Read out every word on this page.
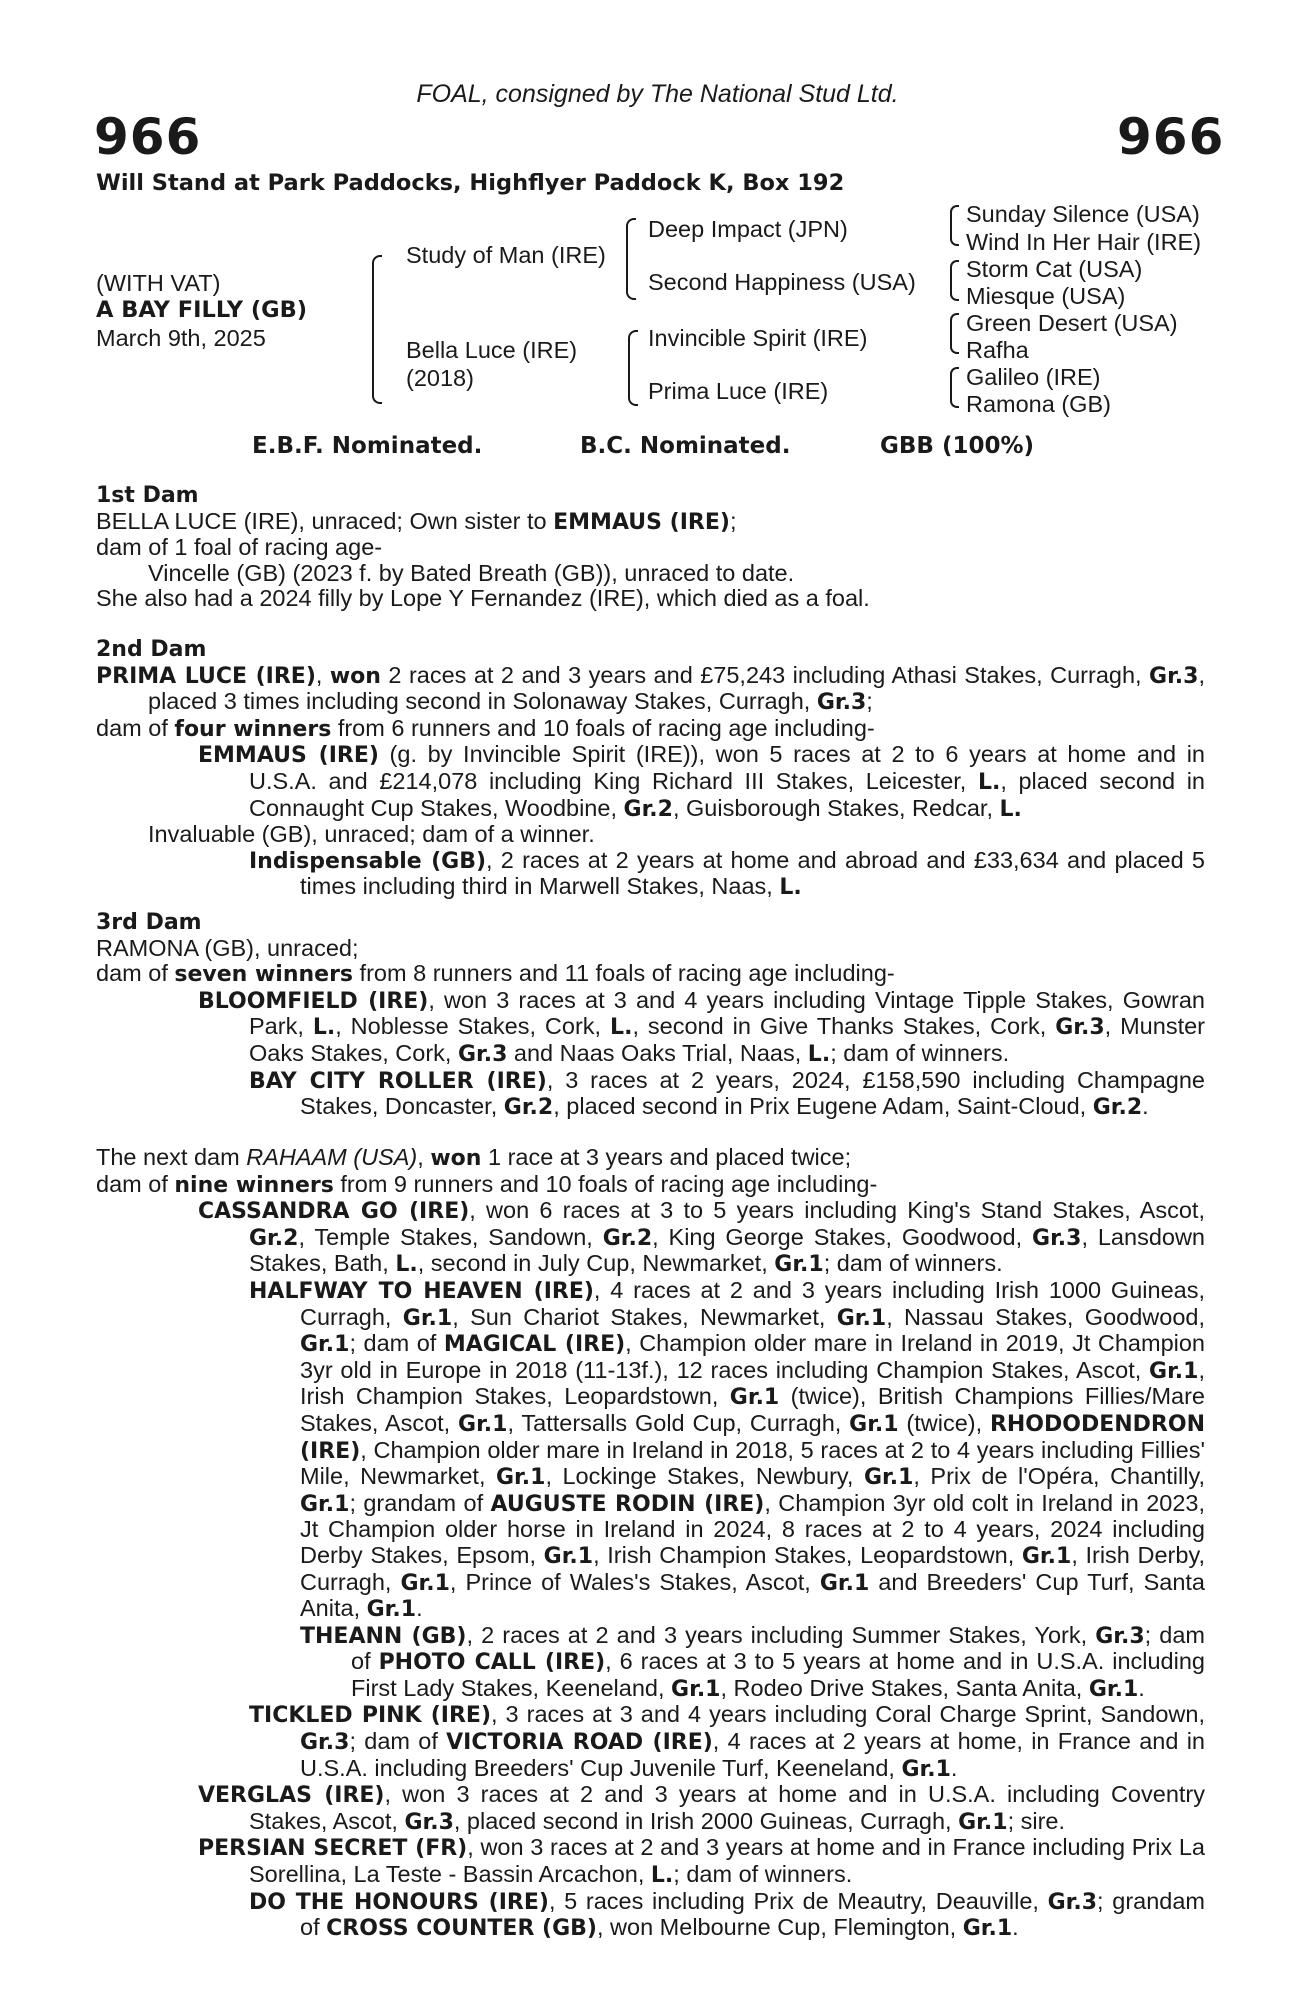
FOAL, consigned by The National Stud Ltd.
966	966
Will Stand at Park Paddocks, Highflyer Paddock K, Box 192
(WITH VAT)
A BAY FILLY (GB)
March 9th, 2025
Study of Man (IRE)
Bella Luce (IRE)
(2018)
Deep Impact (JPN)
Second Happiness (USA)
Invincible Spirit (IRE)
Prima Luce (IRE)
Sunday Silence (USA)
Wind In Her Hair (IRE)
Storm Cat (USA)
Miesque (USA)
Green Desert (USA)
Rafha
Galileo (IRE)
Ramona (GB)
E.B.F. Nominated.	B.C. Nominated.	GBB (100%)

1st Dam

BELLA LUCE (IRE), unraced; Own sister to EMMAUS (IRE);

dam of 1 foal of racing age-

Vincelle (GB) (2023 f. by Bated Breath (GB)), unraced to date.

She also had a 2024 filly by Lope Y Fernandez (IRE), which died as a foal.

2nd Dam

PRIMA LUCE (IRE), won 2 races at 2 and 3 years and £75,243 including Athasi Stakes, Curragh, Gr.3, placed 3 times including second in Solonaway Stakes, Curragh, Gr.3;

dam of four winners from 6 runners and 10 foals of racing age including-

EMMAUS (IRE) (g. by Invincible Spirit (IRE)), won 5 races at 2 to 6 years at home and in U.S.A. and £214,078 including King Richard III Stakes, Leicester, L., placed second in Connaught Cup Stakes, Woodbine, Gr.2, Guisborough Stakes, Redcar, L.

Invaluable (GB), unraced; dam of a winner.

Indispensable (GB), 2 races at 2 years at home and abroad and £33,634 and placed 5 times including third in Marwell Stakes, Naas, L.

3rd Dam

RAMONA (GB), unraced;

dam of seven winners from 8 runners and 11 foals of racing age including-

BLOOMFIELD (IRE), won 3 races at 3 and 4 years including Vintage Tipple Stakes, Gowran Park, L., Noblesse Stakes, Cork, L., second in Give Thanks Stakes, Cork, Gr.3, Munster Oaks Stakes, Cork, Gr.3 and Naas Oaks Trial, Naas, L.; dam of winners.

BAY CITY ROLLER (IRE), 3 races at 2 years, 2024, £158,590 including Champagne Stakes, Doncaster, Gr.2, placed second in Prix Eugene Adam, Saint-Cloud, Gr.2.

The next dam RAHAAM (USA), won 1 race at 3 years and placed twice;

dam of nine winners from 9 runners and 10 foals of racing age including-

CASSANDRA GO (IRE), won 6 races at 3 to 5 years including King's Stand Stakes, Ascot, Gr.2, Temple Stakes, Sandown, Gr.2, King George Stakes, Goodwood, Gr.3, Lansdown Stakes, Bath, L., second in July Cup, Newmarket, Gr.1; dam of winners.

HALFWAY TO HEAVEN (IRE), 4 races at 2 and 3 years including Irish 1000 Guineas, Curragh, Gr.1, Sun Chariot Stakes, Newmarket, Gr.1, Nassau Stakes, Goodwood, Gr.1; dam of MAGICAL (IRE), Champion older mare in Ireland in 2019, Jt Champion 3yr old in Europe in 2018 (11-13f.), 12 races including Champion Stakes, Ascot, Gr.1, Irish Champion Stakes, Leopardstown, Gr.1 (twice), British Champions Fillies/Mare Stakes, Ascot, Gr.1, Tattersalls Gold Cup, Curragh, Gr.1 (twice), RHODODENDRON (IRE), Champion older mare in Ireland in 2018, 5 races at 2 to 4 years including Fillies' Mile, Newmarket, Gr.1, Lockinge Stakes, Newbury, Gr.1, Prix de l'Opéra, Chantilly, Gr.1; grandam of AUGUSTE RODIN (IRE), Champion 3yr old colt in Ireland in 2023, Jt Champion older horse in Ireland in 2024, 8 races at 2 to 4 years, 2024 including Derby Stakes, Epsom, Gr.1, Irish Champion Stakes, Leopardstown, Gr.1, Irish Derby, Curragh, Gr.1, Prince of Wales's Stakes, Ascot, Gr.1 and Breeders' Cup Turf, Santa Anita, Gr.1.

THEANN (GB), 2 races at 2 and 3 years including Summer Stakes, York, Gr.3; dam of PHOTO CALL (IRE), 6 races at 3 to 5 years at home and in U.S.A. including First Lady Stakes, Keeneland, Gr.1, Rodeo Drive Stakes, Santa Anita, Gr.1.

TICKLED PINK (IRE), 3 races at 3 and 4 years including Coral Charge Sprint, Sandown, Gr.3; dam of VICTORIA ROAD (IRE), 4 races at 2 years at home, in France and in U.S.A. including Breeders' Cup Juvenile Turf, Keeneland, Gr.1.

VERGLAS (IRE), won 3 races at 2 and 3 years at home and in U.S.A. including Coventry Stakes, Ascot, Gr.3, placed second in Irish 2000 Guineas, Curragh, Gr.1; sire.

PERSIAN SECRET (FR), won 3 races at 2 and 3 years at home and in France including Prix La Sorellina, La Teste - Bassin Arcachon, L.; dam of winners.

DO THE HONOURS (IRE), 5 races including Prix de Meautry, Deauville, Gr.3; grandam of CROSS COUNTER (GB), won Melbourne Cup, Flemington, Gr.1.
